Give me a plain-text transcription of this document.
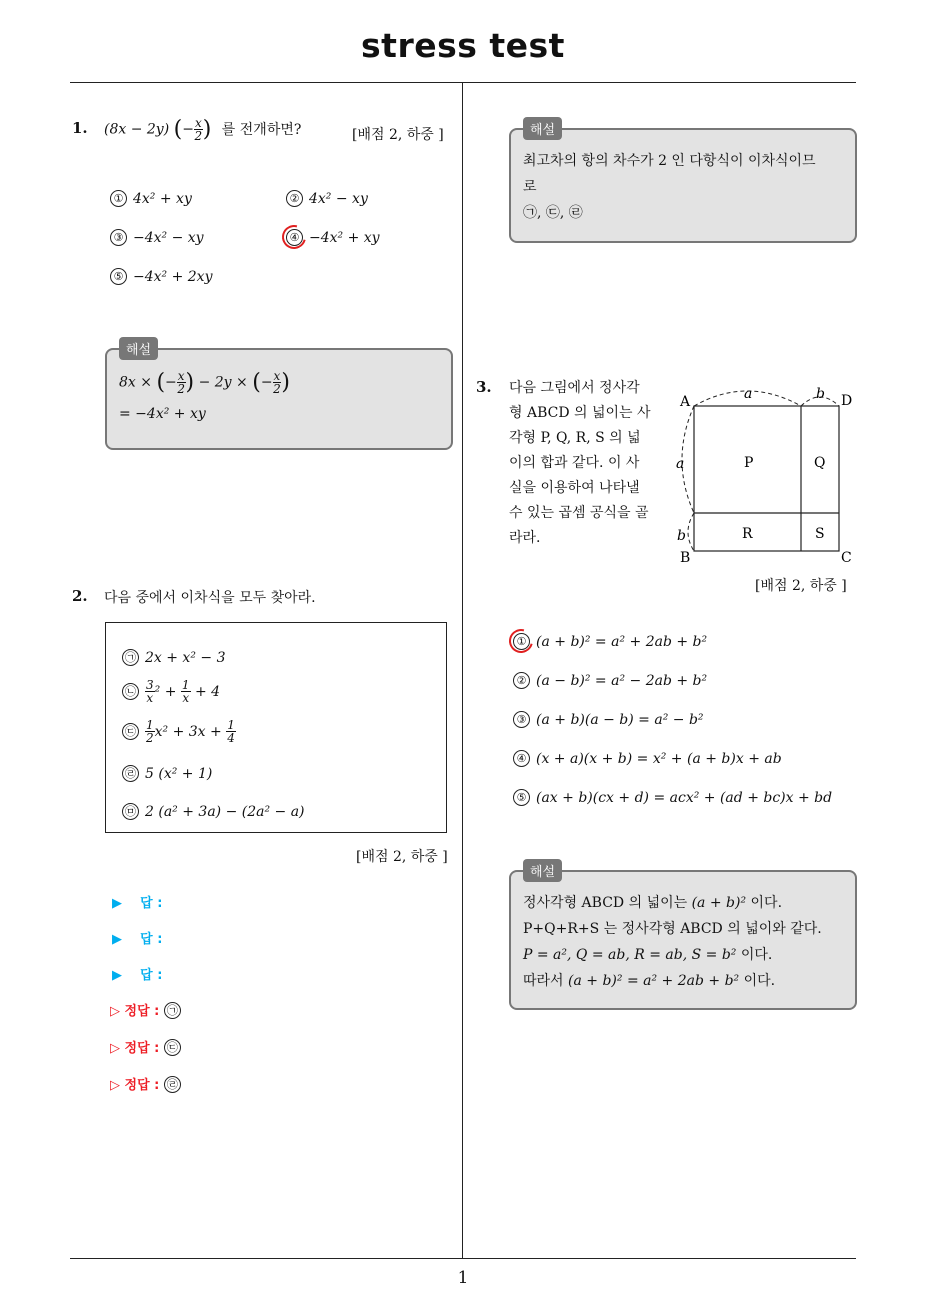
stress test
1
1. (8x − 2y) (− $\frac{x}{2}$ ) 를 전개하면?	[배점 2, 하중 ]
① 4x² + xy	② 4x² − xy
③ −4x² − xy	④ −4x² + xy
⑤ −4x² + 2xy
해설
8x × (− $\frac{x}{2}$ ) − 2y × (− $\frac{x}{2}$ )
= −4x² + xy
2. 다음 중에서 이차식을 모두 찾아라.
㉠ 2x + x² − 3
㉡ $\frac{3}{x} ^2 + \frac{1}{x} + 4$
㉢ $\frac{1}{2} x^2 + 3x + \frac{1}{4}$
㉣ 5 (x² + 1)
㉤ 2 (a² + 3a) − (2a² − a)
[배점 2, 하중 ]
▶ 답 :
▶ 답 :
▶ 답 :
▷ 정답 : ㉠
▷ 정답 : ㉢
▷ 정답 : ㉣
해설
최고차의 항의 차수가 2 인 다항식이 이차식이므
로
㉠, ㉢, ㉣
3. 다음 그림에서 정사각
형 ABCD 의 넓이는 사
각형 P, Q, R, S 의 넓
이의 합과 같다. 이 사
실을 이용하여 나타낼
수 있는 곱셈 공식을 골
라라.
A	D
B	C
P	Q
R	S
a	b
a
b
[배점 2, 하중 ]
① (a + b)² = a² + 2ab + b²
② (a − b)² = a² − 2ab + b²
③ (a + b)(a − b) = a² − b²
④ (x + a)(x + b) = x² + (a + b)x + ab
⑤ (ax + b)(cx + d) = acx² + (ad + bc)x + bd
해설
정사각형 ABCD 의 넓이는 (a + b)² 이다.
P+Q+R+S 는 정사각형 ABCD 의 넓이와 같다.
P = a², Q = ab, R = ab, S = b² 이다.
따라서 (a + b)² = a² + 2ab + b² 이다.
